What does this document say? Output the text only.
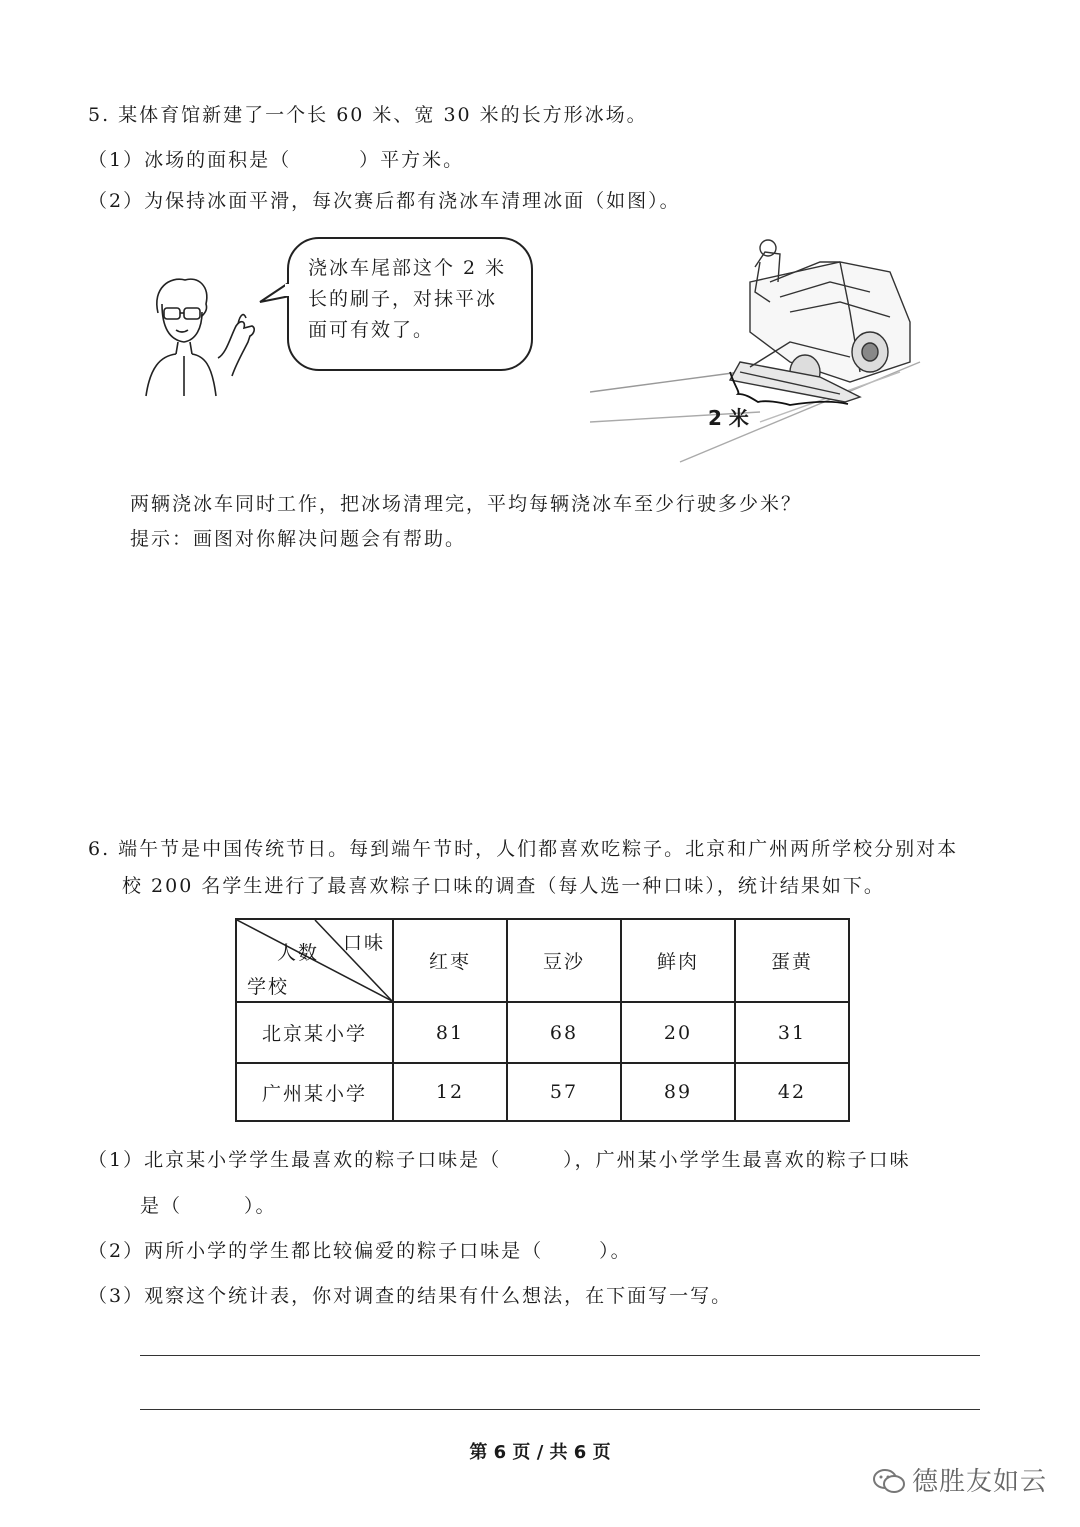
5. 某体育馆新建了一个长 60 米、宽 30 米的长方形冰场。
（1）冰场的面积是（	）平方米。
（2）为保持冰面平滑，每次赛后都有浇冰车清理冰面（如图）。
浇冰车尾部这个 2 米
长的刷子，对抹平冰
面可有效了。
2 米
两辆浇冰车同时工作，把冰场清理完，平均每辆浇冰车至少行驶多少米？
提示：画图对你解决问题会有帮助。
6. 端午节是中国传统节日。每到端午节时，人们都喜欢吃粽子。北京和广州两所学校分别对本
校 200 名学生进行了最喜欢粽子口味的调查（每人选一种口味），统计结果如下。
口味
人数
学校	红枣	豆沙	鲜肉	蛋黄
北京某小学	81	68	20	31
广州某小学	12	57	89	42
（1）北京某小学学生最喜欢的粽子口味是（	），广州某小学学生最喜欢的粽子口味
是（	）。
（2）两所小学的学生都比较偏爱的粽子口味是（	）。
（3）观察这个统计表，你对调查的结果有什么想法，在下面写一写。
第 6 页 / 共 6 页
德胜友如云
